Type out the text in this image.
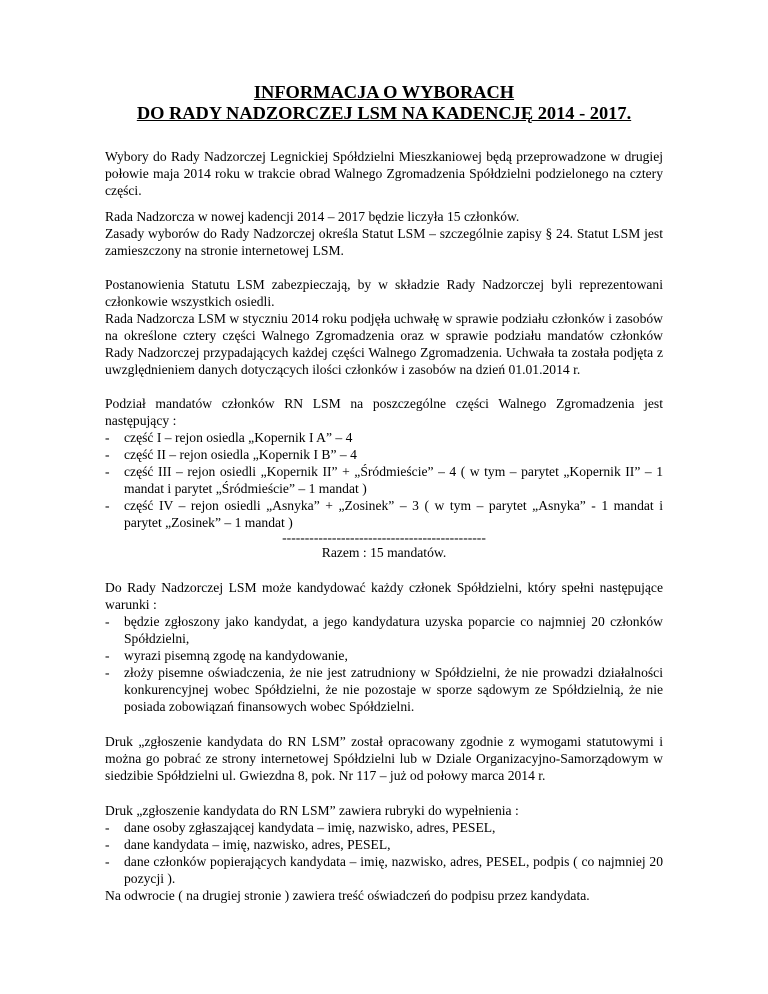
INFORMACJA O WYBORACH
DO RADY NADZORCZEJ LSM NA KADENCJĘ 2014 - 2017.

Wybory do Rady Nadzorczej Legnickiej Spółdzielni Mieszkaniowej będą przeprowadzone w drugiej połowie maja 2014 roku w trakcie obrad Walnego Zgromadzenia Spółdzielni podzielonego na cztery części.

Rada Nadzorcza w nowej kadencji 2014 – 2017 będzie liczyła 15 członków.

Zasady wyborów do Rady Nadzorczej określa Statut LSM – szczególnie zapisy § 24. Statut LSM jest zamieszczony na stronie internetowej LSM.

Postanowienia Statutu LSM zabezpieczają, by w składzie Rady Nadzorczej byli reprezentowani członkowie wszystkich osiedli.

Rada Nadzorcza LSM w styczniu 2014 roku podjęła uchwałę w sprawie podziału członków i zasobów na określone cztery części Walnego Zgromadzenia oraz w sprawie podziału mandatów członków Rady Nadzorczej przypadających każdej części Walnego Zgromadzenia. Uchwała ta została podjęta z uwzględnieniem danych dotyczących ilości członków i zasobów na dzień 01.01.2014 r.

Podział mandatów członków RN LSM na poszczególne części Walnego Zgromadzenia jest następujący :

- część I – rejon osiedla „Kopernik I A” – 4
- część II – rejon osiedla „Kopernik I B” – 4
- część III – rejon osiedli „Kopernik II” + „Śródmieście” – 4 ( w tym – parytet „Kopernik II” – 1 mandat i parytet „Śródmieście” – 1 mandat )
- część IV – rejon osiedli „Asnyka” + „Zosinek” – 3 ( w tym – parytet „Asnyka” - 1 mandat i parytet „Zosinek” – 1 mandat )

---------------------------------------------

Razem : 15 mandatów.

Do Rady Nadzorczej LSM może kandydować każdy członek Spółdzielni, który spełni następujące warunki :

- będzie zgłoszony jako kandydat, a jego kandydatura uzyska poparcie co najmniej 20 członków Spółdzielni,
- wyrazi pisemną zgodę na kandydowanie,
- złoży pisemne oświadczenia, że nie jest zatrudniony w Spółdzielni, że nie prowadzi działalności konkurencyjnej wobec Spółdzielni, że nie pozostaje w sporze sądowym ze Spółdzielnią, że nie posiada zobowiązań finansowych wobec Spółdzielni.

Druk „zgłoszenie kandydata do RN LSM” został opracowany zgodnie z wymogami statutowymi i można go pobrać ze strony internetowej Spółdzielni lub w Dziale Organizacyjno-Samorządowym w siedzibie Spółdzielni ul. Gwiezdna 8, pok. Nr 117 – już od połowy marca 2014 r.

Druk „zgłoszenie kandydata do RN LSM” zawiera rubryki do wypełnienia :

- dane osoby zgłaszającej kandydata – imię, nazwisko, adres, PESEL,
- dane kandydata – imię, nazwisko, adres, PESEL,
- dane członków popierających kandydata – imię, nazwisko, adres, PESEL, podpis ( co najmniej 20 pozycji ).

Na odwrocie ( na drugiej stronie ) zawiera treść oświadczeń do podpisu przez kandydata.
